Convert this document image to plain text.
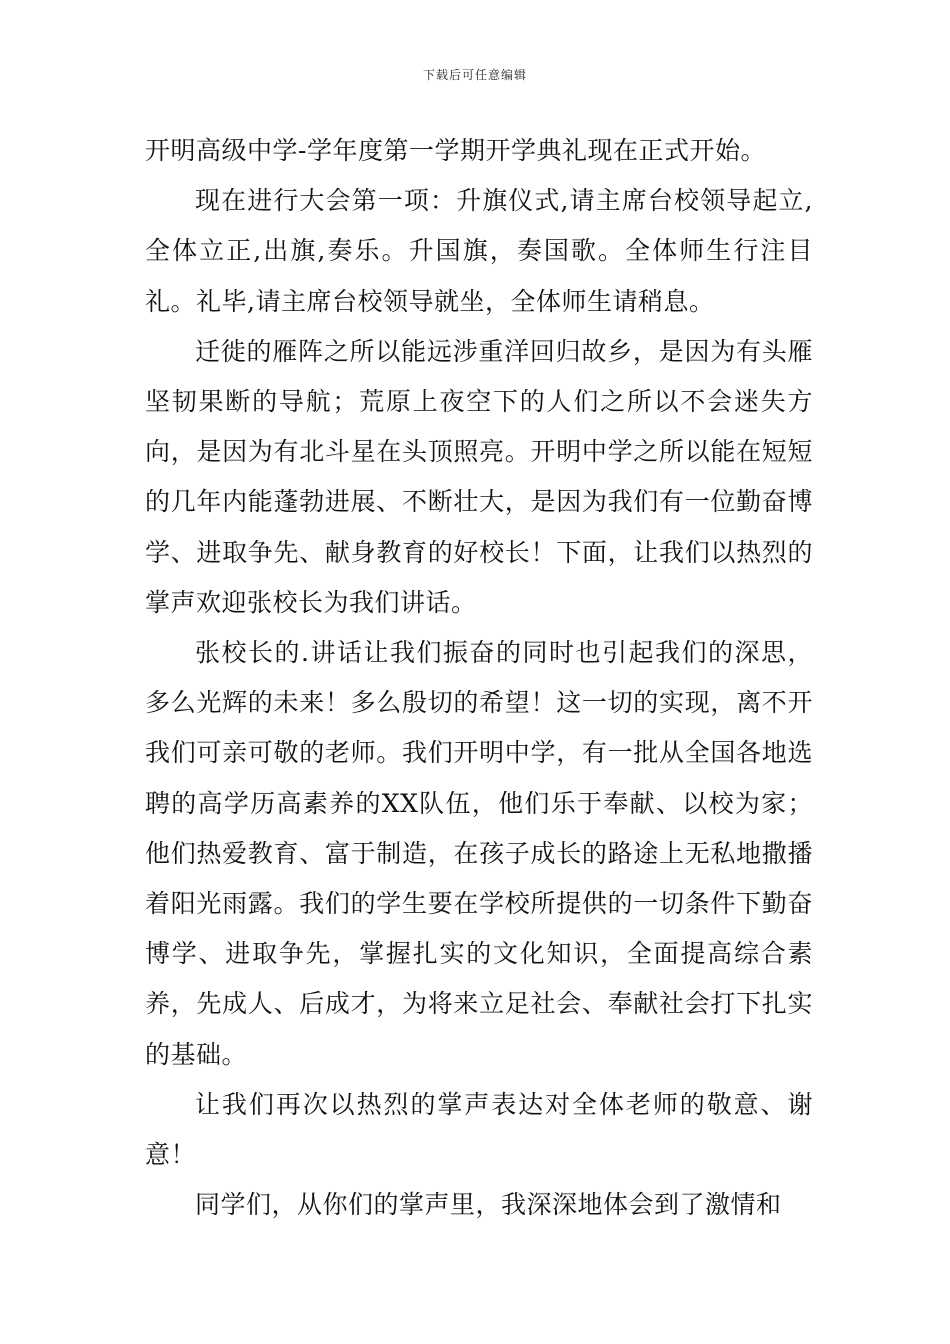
下载后可任意编辑

开明高级中学-学年度第一学期开学典礼现在正式开始。

现在进行大会第一项：升旗仪式,请主席台校领导起立,全体立正,出旗,奏乐。升国旗，奏国歌。全体师生行注目礼。礼毕,请主席台校领导就坐，全体师生请稍息。

迁徙的雁阵之所以能远涉重洋回归故乡，是因为有头雁坚韧果断的导航；荒原上夜空下的人们之所以不会迷失方向，是因为有北斗星在头顶照亮。开明中学之所以能在短短的几年内能蓬勃进展、不断壮大，是因为我们有一位勤奋博学、进取争先、献身教育的好校长！下面，让我们以热烈的掌声欢迎张校长为我们讲话。

张校长的.讲话让我们振奋的同时也引起我们的深思，多么光辉的未来！多么殷切的希望！这一切的实现，离不开我们可亲可敬的老师。我们开明中学，有一批从全国各地选聘的高学历高素养的XX队伍，他们乐于奉献、以校为家；他们热爱教育、富于制造，在孩子成长的路途上无私地撒播着阳光雨露。我们的学生要在学校所提供的一切条件下勤奋博学、进取争先，掌握扎实的文化知识，全面提高综合素养，先成人、后成才，为将来立足社会、奉献社会打下扎实的基础。

让我们再次以热烈的掌声表达对全体老师的敬意、谢意！

同学们，从你们的掌声里，我深深地体会到了激情和
